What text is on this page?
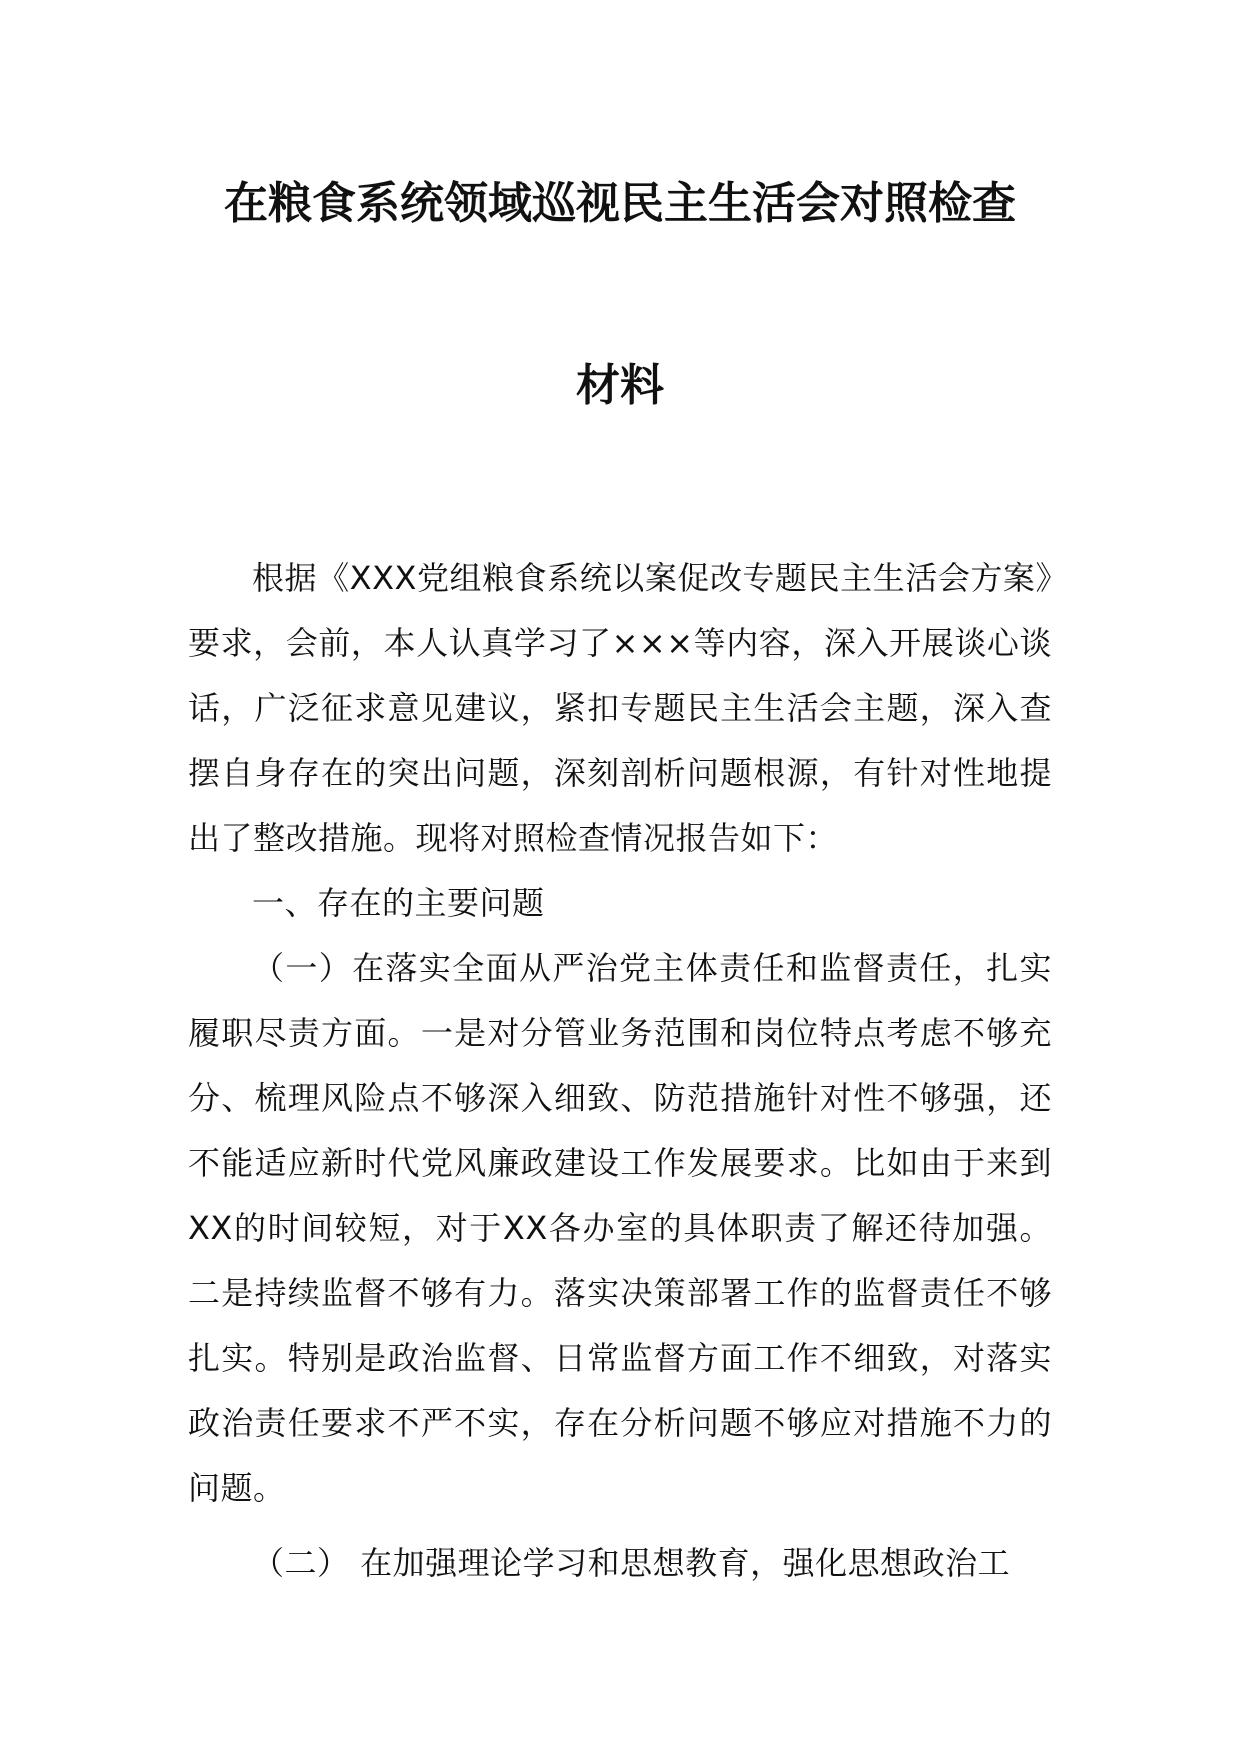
在粮食系统领域巡视民主生活会对照检查
材料

根据《XXX党组粮食系统以案促改专题民主生活会方案》要求，会前，本人认真学习了×××等内容，深入开展谈心谈话，广泛征求意见建议，紧扣专题民主生活会主题，深入查摆自身存在的突出问题，深刻剖析问题根源，有针对性地提出了整改措施。现将对照检查情况报告如下：

一、存在的主要问题

（一）在落实全面从严治党主体责任和监督责任，扎实履职尽责方面。一是对分管业务范围和岗位特点考虑不够充分、梳理风险点不够深入细致、防范措施针对性不够强，还不能适应新时代党风廉政建设工作发展要求。比如由于来到XX的时间较短，对于XX各办室的具体职责了解还待加强。二是持续监督不够有力。落实决策部署工作的监督责任不够扎实。特别是政治监督、日常监督方面工作不细致，对落实政治责任要求不严不实，存在分析问题不够应对措施不力的问题。

（二） 在加强理论学习和思想教育，强化思想政治工
